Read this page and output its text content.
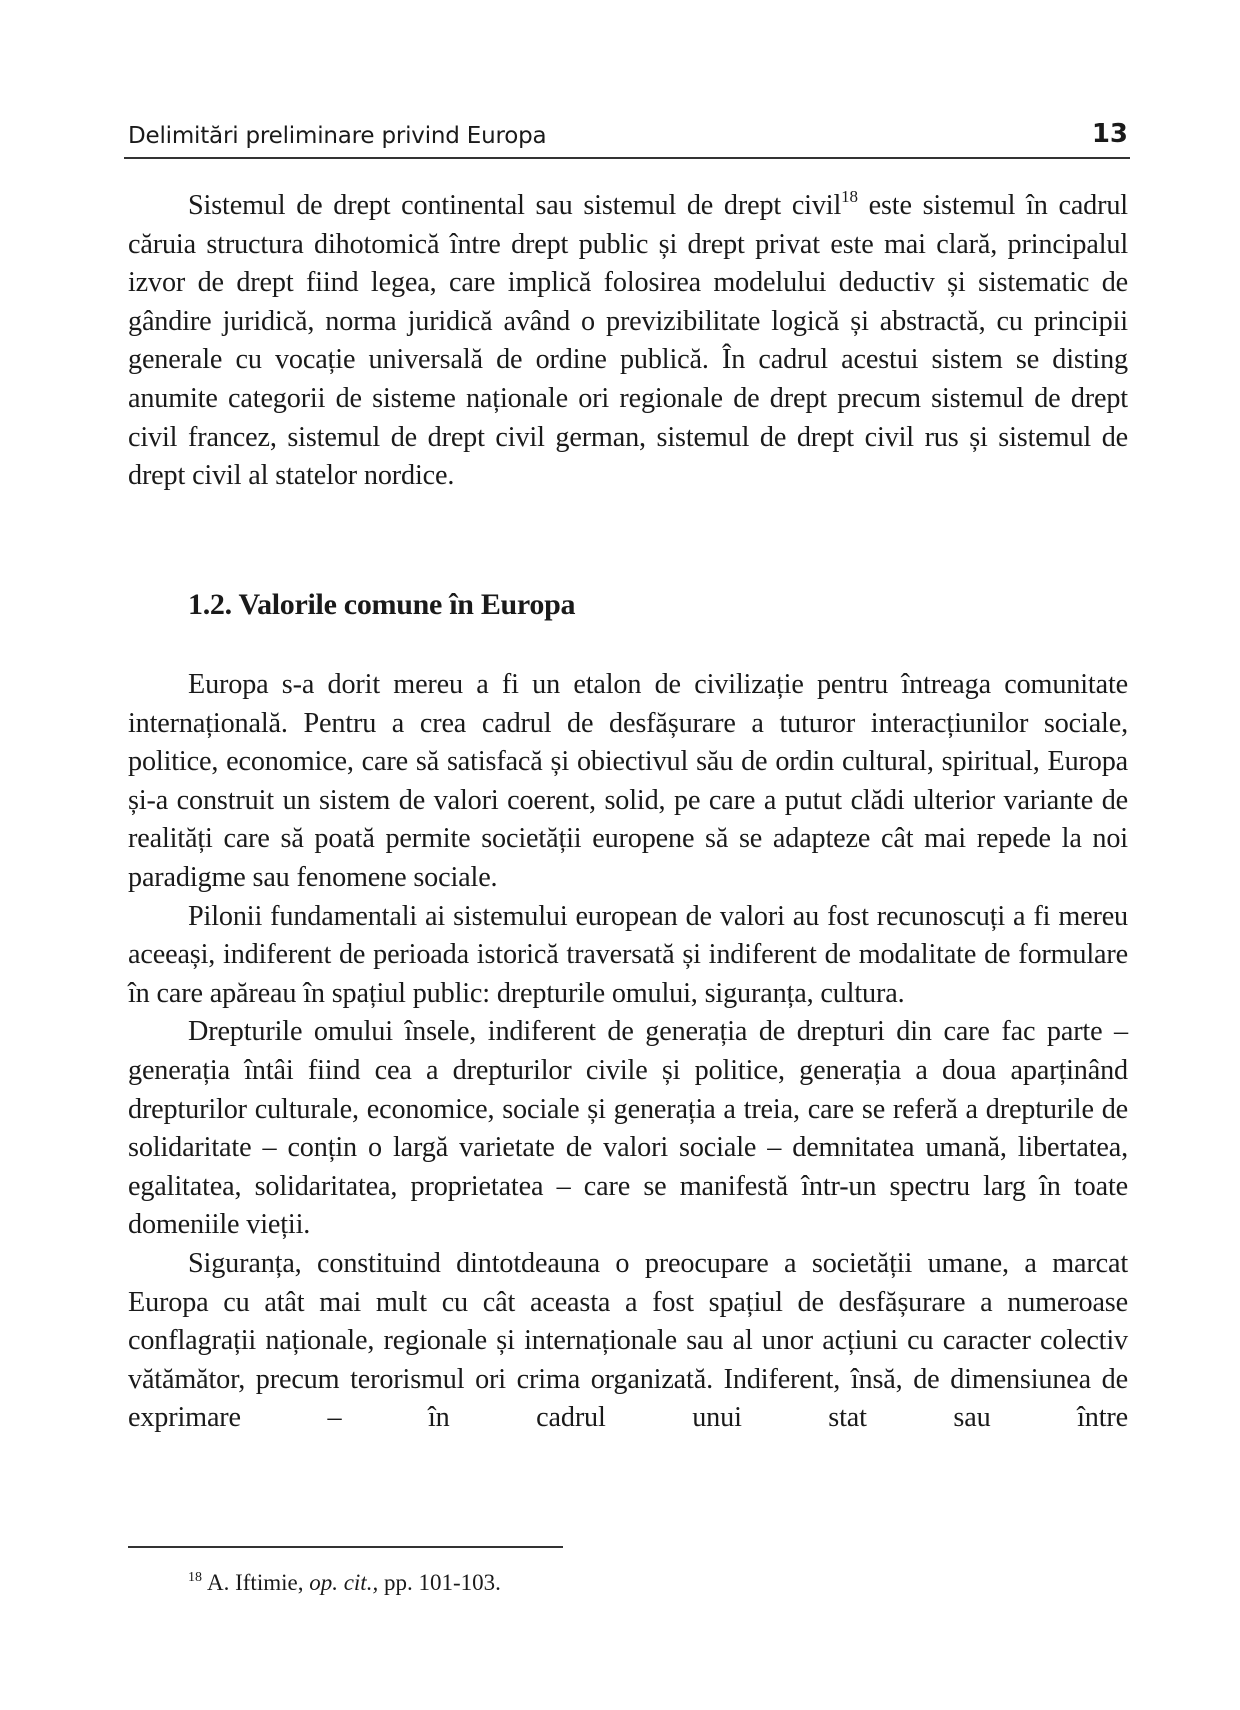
Delimitări preliminare privind Europa	13

Sistemul de drept continental sau sistemul de drept civil$^{18}$ este sistemul în cadrul căruia structura dihotomică între drept public și drept privat este mai clară, principalul izvor de drept fiind legea, care implică folosirea modelului deductiv și sistematic de gândire juridică, norma juridică având o previzibilitate logică și abstractă, cu principii generale cu vocație universală de ordine publică. În cadrul acestui sistem se disting anumite categorii de sisteme naționale ori regionale de drept precum sistemul de drept civil francez, sistemul de drept civil german, sistemul de drept civil rus și sistemul de drept civil al statelor nordice.

1.2. Valorile comune în Europa

Europa s-a dorit mereu a fi un etalon de civilizație pentru întreaga comunitate internațională. Pentru a crea cadrul de desfășurare a tuturor interacțiunilor sociale, politice, economice, care să satisfacă și obiectivul său de ordin cultural, spiritual, Europa și-a construit un sistem de valori coerent, solid, pe care a putut clădi ulterior variante de realități care să poată permite societății europene să se adapteze cât mai repede la noi paradigme sau fenomene sociale.

Pilonii fundamentali ai sistemului european de valori au fost recunoscuți a fi mereu aceeași, indiferent de perioada istorică traversată și indiferent de modalitate de formulare în care apăreau în spațiul public: drepturile omului, siguranța, cultura.

Drepturile omului însele, indiferent de generația de drepturi din care fac parte – generația întâi fiind cea a drepturilor civile și politice, generația a doua aparținând drepturilor culturale, economice, sociale și generația a treia, care se referă a drepturile de solidaritate – conțin o largă varietate de valori sociale – demnitatea umană, libertatea, egalitatea, solidaritatea, proprietatea – care se manifestă într-un spectru larg în toate domeniile vieții.

Siguranța, constituind dintotdeauna o preocupare a societății umane, a marcat Europa cu atât mai mult cu cât aceasta a fost spațiul de desfășurare a numeroase conflagrații naționale, regionale și internaționale sau al unor acțiuni cu caracter colectiv vătămător, precum terorismul ori crima organizată. Indiferent, însă, de dimensiunea de exprimare – în cadrul unui stat sau între

$^{18}$ A. Iftimie, op. cit., pp. 101-103.
